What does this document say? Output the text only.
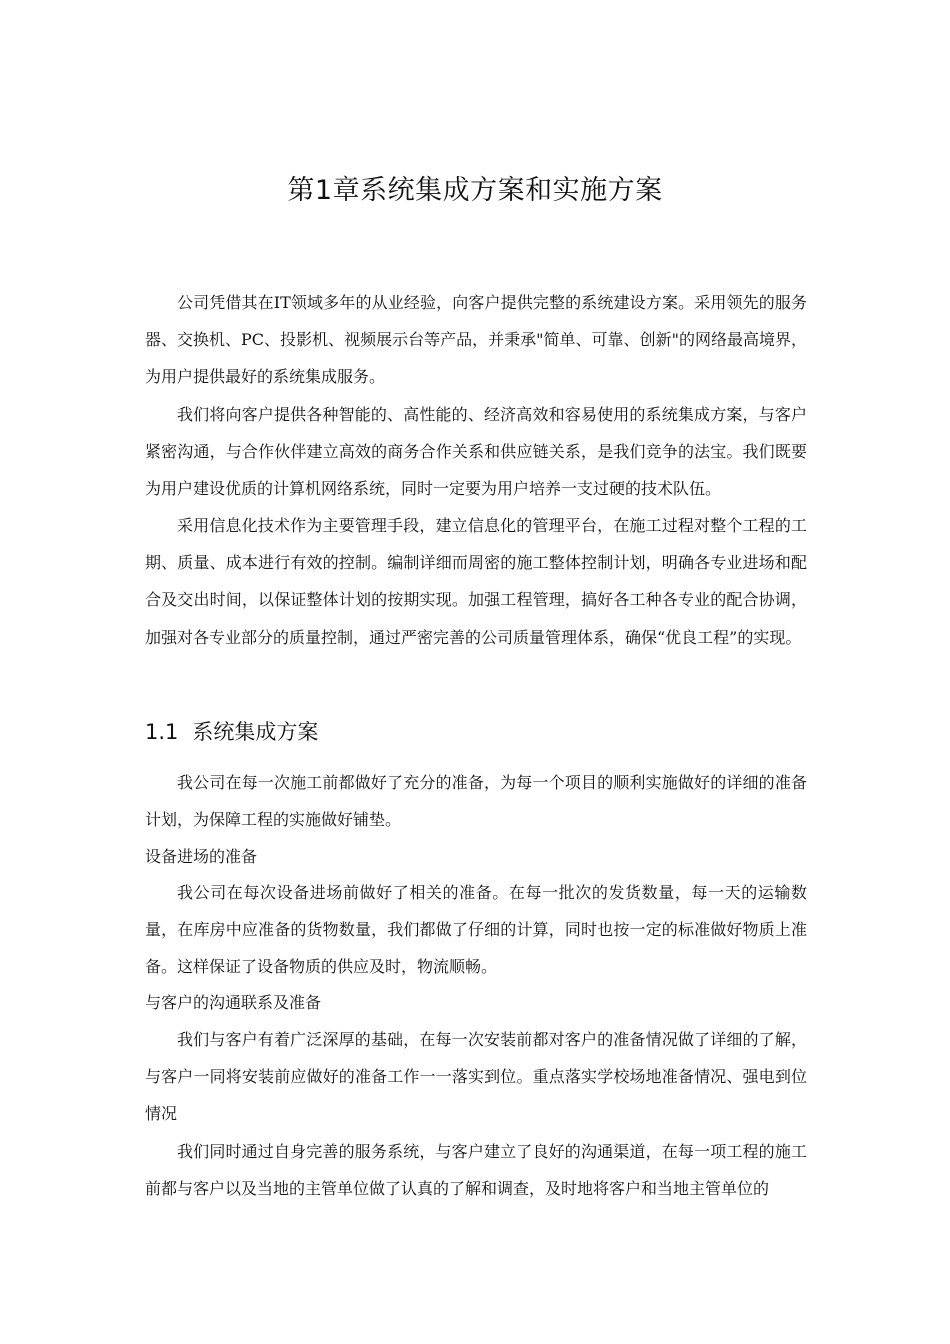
第1章系统集成方案和实施方案

公司凭借其在IT领域多年的从业经验，向客户提供完整的系统建设方案。采用领先的服务器、交换机、PC、投影机、视频展示台等产品，并秉承"简单、可靠、创新"的网络最高境界，为用户提供最好的系统集成服务。

我们将向客户提供各种智能的、高性能的、经济高效和容易使用的系统集成方案，与客户紧密沟通，与合作伙伴建立高效的商务合作关系和供应链关系，是我们竞争的法宝。我们既要为用户建设优质的计算机网络系统，同时一定要为用户培养一支过硬的技术队伍。

采用信息化技术作为主要管理手段，建立信息化的管理平台，在施工过程对整个工程的工期、质量、成本进行有效的控制。编制详细而周密的施工整体控制计划，明确各专业进场和配合及交出时间，以保证整体计划的按期实现。加强工程管理，搞好各工种各专业的配合协调，加强对各专业部分的质量控制，通过严密完善的公司质量管理体系，确保“优良工程”的实现。

1.1 系统集成方案

我公司在每一次施工前都做好了充分的准备，为每一个项目的顺利实施做好的详细的准备计划，为保障工程的实施做好铺垫。

设备进场的准备

我公司在每次设备进场前做好了相关的准备。在每一批次的发货数量，每一天的运输数量，在库房中应准备的货物数量，我们都做了仔细的计算，同时也按一定的标准做好物质上准备。这样保证了设备物质的供应及时，物流顺畅。

与客户的沟通联系及准备

我们与客户有着广泛深厚的基础，在每一次安装前都对客户的准备情况做了详细的了解，与客户一同将安装前应做好的准备工作一一落实到位。重点落实学校场地准备情况、强电到位情况

我们同时通过自身完善的服务系统，与客户建立了良好的沟通渠道，在每一项工程的施工前都与客户以及当地的主管单位做了认真的了解和调查，及时地将客户和当地主管单位的
